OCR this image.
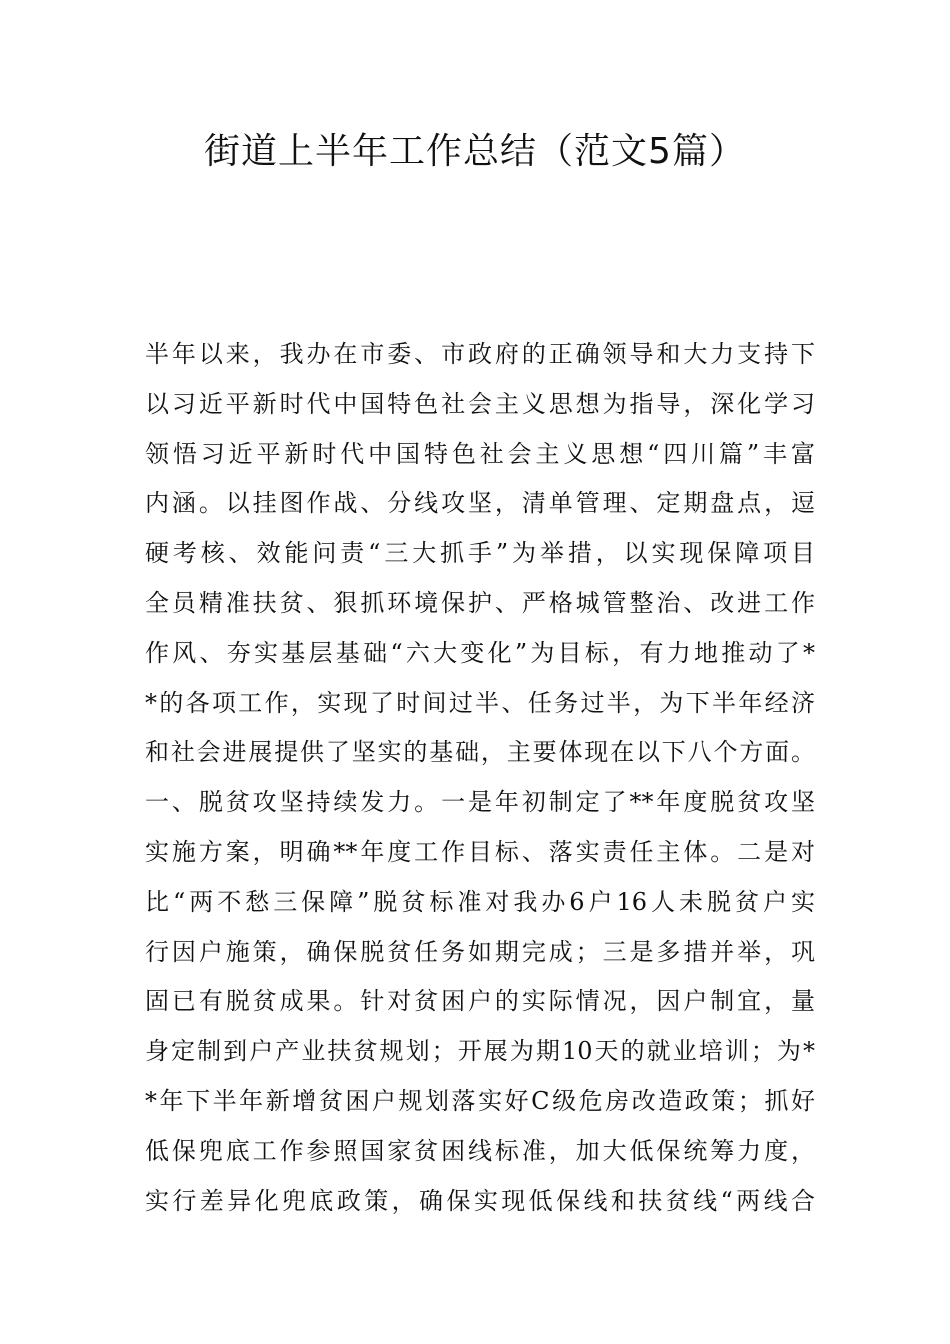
街道上半年工作总结（范文5篇）
半年以来，我办在市委、市政府的正确领导和大力支持下
以习近平新时代中国特色社会主义思想为指导，深化学习
领悟习近平新时代中国特色社会主义思想“四川篇”丰富
内涵。以挂图作战、分线攻坚，清单管理、定期盘点，逗
硬考核、效能问责“三大抓手”为举措，以实现保障项目
全员精准扶贫、狠抓环境保护、严格城管整治、改进工作
作风、夯实基层基础“六大变化”为目标，有力地推动了*
*的各项工作，实现了时间过半、任务过半，为下半年经济
和社会进展提供了坚实的基础，主要体现在以下八个方面。
一、脱贫攻坚持续发力。一是年初制定了**年度脱贫攻坚
实施方案，明确**年度工作目标、落实责任主体。二是对
比“两不愁三保障”脱贫标准对我办6户16人未脱贫户实
行因户施策，确保脱贫任务如期完成；三是多措并举，巩
固已有脱贫成果。针对贫困户的实际情况，因户制宜，量
身定制到户产业扶贫规划；开展为期10天的就业培训；为*
*年下半年新增贫困户规划落实好C级危房改造政策；抓好
低保兜底工作参照国家贫困线标准，加大低保统筹力度，
实行差异化兜底政策，确保实现低保线和扶贫线“两线合
